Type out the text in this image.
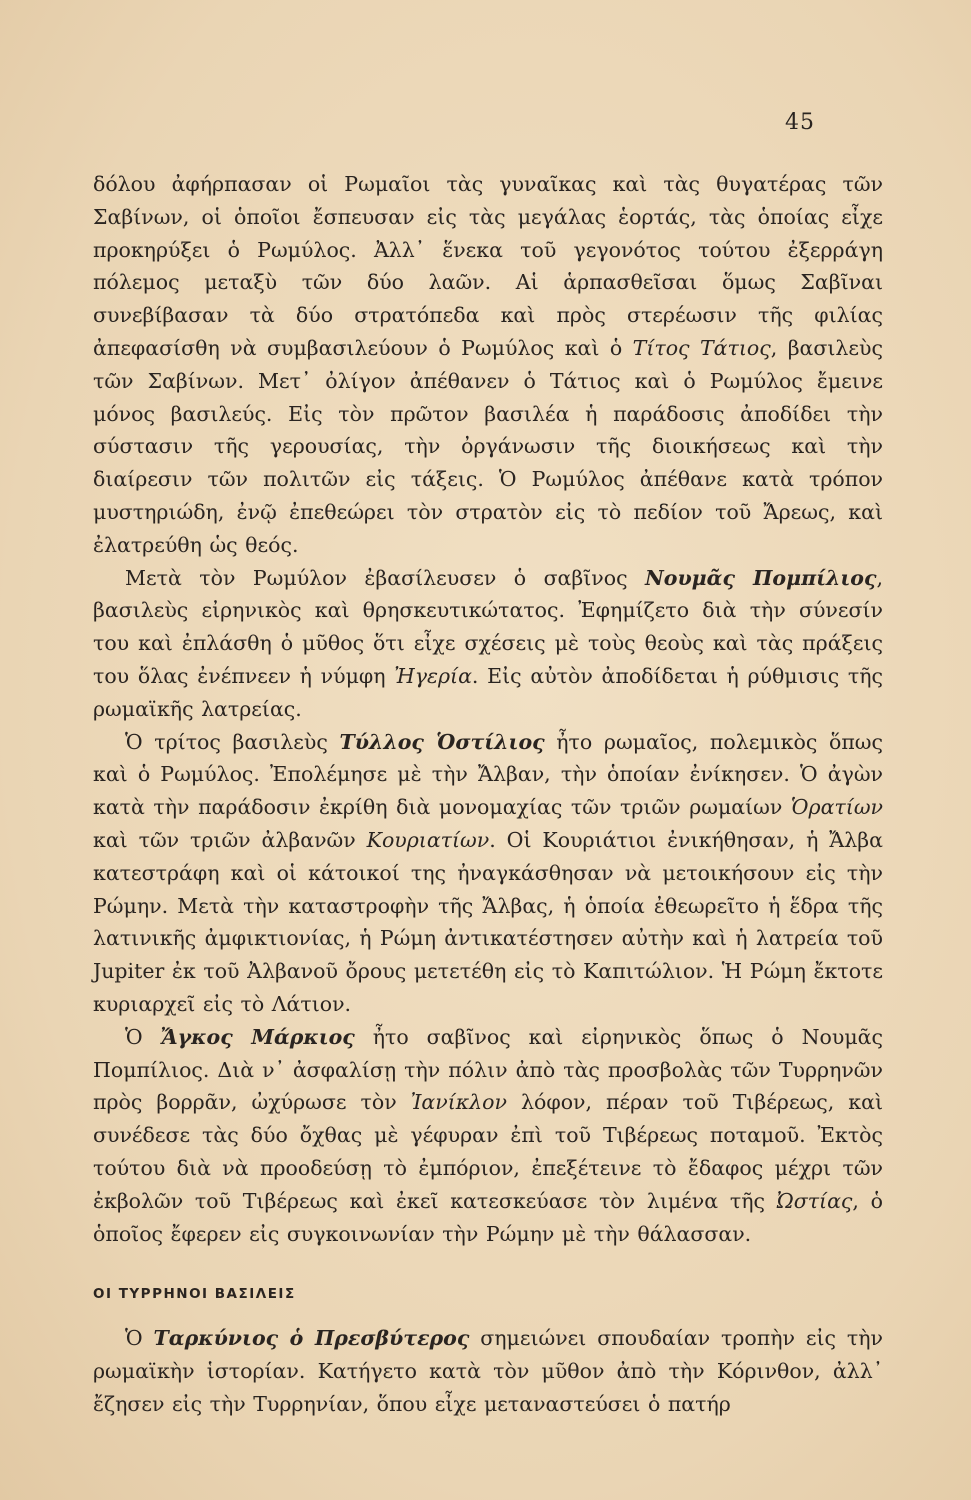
45

δόλου ἀφήρπασαν οἱ Ρωμαῖοι τὰς γυναῖκας καὶ τὰς θυγατέρας τῶν Σαβίνων, οἱ ὁποῖοι ἔσπευσαν εἰς τὰς μεγάλας ἑορτάς, τὰς ὁποίας εἶχε προκηρύξει ὁ Ρωμύλος. Ἀλλ᾽ ἕνεκα τοῦ γεγονότος τούτου ἐξερράγη πόλεμος μεταξὺ τῶν δύο λαῶν. Αἱ ἁρπασθεῖσαι ὅμως Σαβῖναι συνεβίβασαν τὰ δύο στρατόπεδα καὶ πρὸς στερέωσιν τῆς φιλίας ἀπεφασίσθη νὰ συμβασιλεύουν ὁ Ρωμύλος καὶ ὁ Τίτος Τάτιος, βασιλεὺς τῶν Σαβίνων. Μετ᾽ ὀλίγον ἀπέθανεν ὁ Τάτιος καὶ ὁ Ρωμύλος ἔμεινε μόνος βασιλεύς. Εἰς τὸν πρῶτον βασιλέα ἡ παράδοσις ἀποδίδει τὴν σύστασιν τῆς γερουσίας, τὴν ὀργάνωσιν τῆς διοικήσεως καὶ τὴν διαίρεσιν τῶν πολιτῶν εἰς τάξεις. Ὁ Ρωμύλος ἀπέθανε κατὰ τρόπον μυστηριώδη, ἐνῷ ἐπεθεώρει τὸν στρατὸν εἰς τὸ πεδίον τοῦ Ἄρεως, καὶ ἐλατρεύθη ὡς θεός.

Μετὰ τὸν Ρωμύλον ἐβασίλευσεν ὁ σαβῖνος Νουμᾶς Πομπίλιος, βασιλεὺς εἰρηνικὸς καὶ θρησκευτικώτατος. Ἐφημίζετο διὰ τὴν σύνεσίν του καὶ ἐπλάσθη ὁ μῦθος ὅτι εἶχε σχέσεις μὲ τοὺς θεοὺς καὶ τὰς πράξεις του ὅλας ἐνέπνεεν ἡ νύμφη Ἠγερία. Εἰς αὐτὸν ἀποδίδεται ἡ ρύθμισις τῆς ρωμαϊκῆς λατρείας.

Ὁ τρίτος βασιλεὺς Τύλλος Ὁστίλιος ἦτο ρωμαῖος, πολεμικὸς ὅπως καὶ ὁ Ρωμύλος. Ἐπολέμησε μὲ τὴν Ἄλβαν, τὴν ὁποίαν ἐνίκησεν. Ὁ ἀγὼν κατὰ τὴν παράδοσιν ἐκρίθη διὰ μονομαχίας τῶν τριῶν ρωμαίων Ὁρατίων καὶ τῶν τριῶν ἀλβανῶν Κουριατίων. Οἱ Κουριάτιοι ἐνικήθησαν, ἡ Ἄλβα κατεστράφη καὶ οἱ κάτοικοί της ἠναγκάσθησαν νὰ μετοικήσουν εἰς τὴν Ρώμην. Μετὰ τὴν καταστροφὴν τῆς Ἄλβας, ἡ ὁποία ἐθεωρεῖτο ἡ ἕδρα τῆς λατινικῆς ἀμφικτιονίας, ἡ Ρώμη ἀντικατέστησεν αὐτὴν καὶ ἡ λατρεία τοῦ Jupiter ἐκ τοῦ Ἀλβανοῦ ὄρους μετετέθη εἰς τὸ Καπιτώλιον. Ἡ Ρώμη ἔκτοτε κυριαρχεῖ εἰς τὸ Λάτιον.

Ὁ Ἄγκος Μάρκιος ἦτο σαβῖνος καὶ εἰρηνικὸς ὅπως ὁ Νουμᾶς Πομπίλιος. Διὰ ν᾽ ἀσφαλίσῃ τὴν πόλιν ἀπὸ τὰς προσβολὰς τῶν Τυρρηνῶν πρὸς βορρᾶν, ὠχύρωσε τὸν Ἰανίκλον λόφον, πέραν τοῦ Τιβέρεως, καὶ συνέδεσε τὰς δύο ὄχθας μὲ γέφυραν ἐπὶ τοῦ Τιβέρεως ποταμοῦ. Ἐκτὸς τούτου διὰ νὰ προοδεύσῃ τὸ ἐμπόριον, ἐπεξέτεινε τὸ ἔδαφος μέχρι τῶν ἐκβολῶν τοῦ Τιβέρεως καὶ ἐκεῖ κατεσκεύασε τὸν λιμένα τῆς Ὠστίας, ὁ ὁποῖος ἔφερεν εἰς συγκοινωνίαν τὴν Ρώμην μὲ τὴν θάλασσαν.

ΟΙ ΤΥΡΡΗΝΟΙ ΒΑΣΙΛΕΙΣ

Ὁ Ταρκύνιος ὁ Πρεσβύτερος σημειώνει σπουδαίαν τροπὴν εἰς τὴν ρωμαϊκὴν ἱστορίαν. Κατήγετο κατὰ τὸν μῦθον ἀπὸ τὴν Κόρινθον, ἀλλ᾽ ἔζησεν εἰς τὴν Τυρρηνίαν, ὅπου εἶχε μεταναστεύσει ὁ πατήρ
